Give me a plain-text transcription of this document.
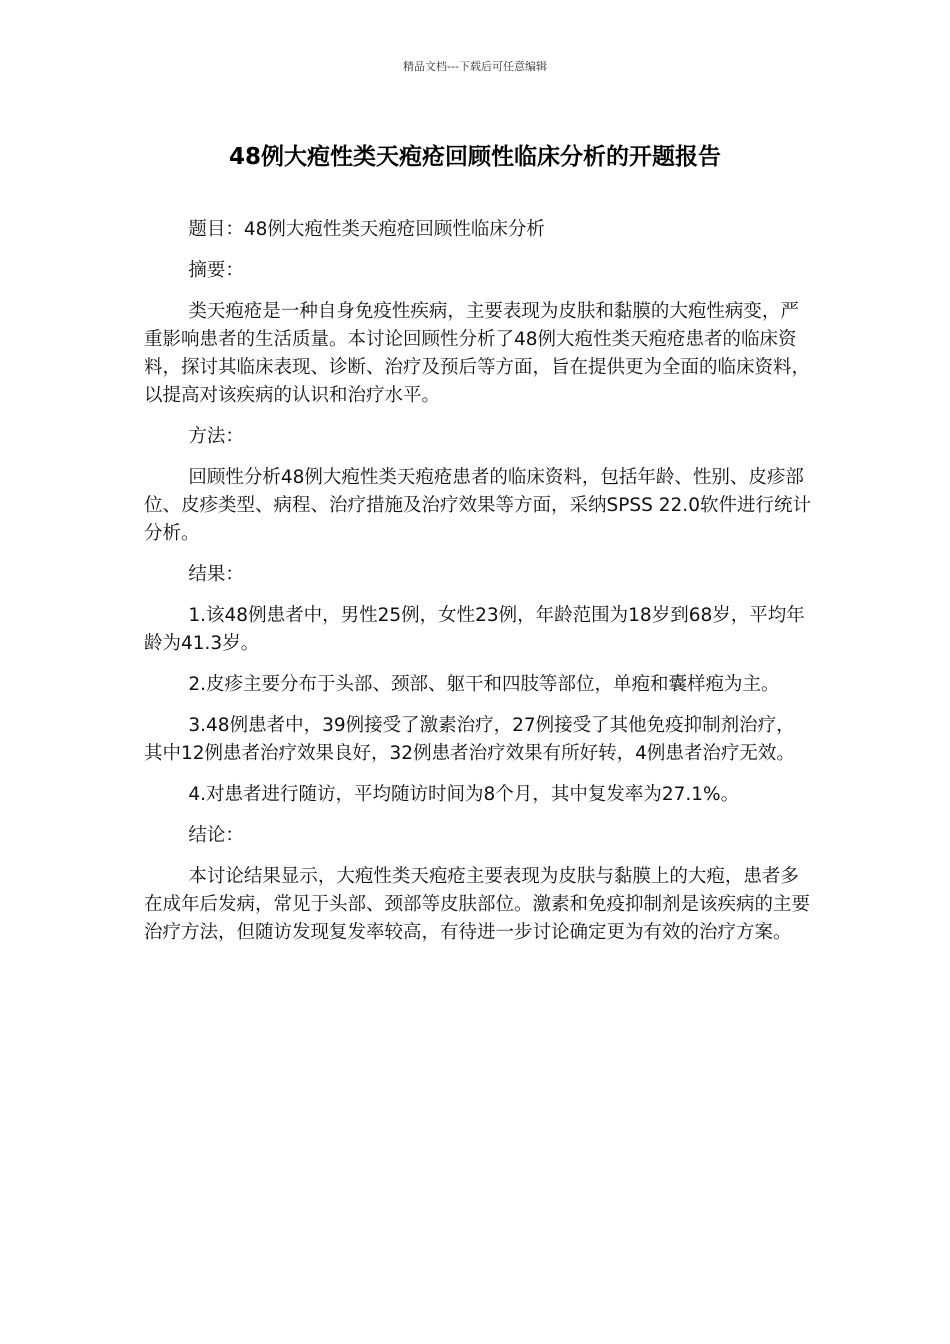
精品文档---下载后可任意编辑
48例大疱性类天疱疮回顾性临床分析的开题报告

题目：48例大疱性类天疱疮回顾性临床分析

摘要：

类天疱疮是一种自身免疫性疾病，主要表现为皮肤和黏膜的大疱性病变，严重影响患者的生活质量。本讨论回顾性分析了48例大疱性类天疱疮患者的临床资料，探讨其临床表现、诊断、治疗及预后等方面，旨在提供更为全面的临床资料，以提高对该疾病的认识和治疗水平。

方法：

回顾性分析48例大疱性类天疱疮患者的临床资料，包括年龄、性别、皮疹部位、皮疹类型、病程、治疗措施及治疗效果等方面，采纳SPSS 22.0软件进行统计分析。

结果：

1.该48例患者中，男性25例，女性23例，年龄范围为18岁到68岁，平均年龄为41.3岁。

2.皮疹主要分布于头部、颈部、躯干和四肢等部位，单疱和囊样疱为主。

3.48例患者中，39例接受了激素治疗，27例接受了其他免疫抑制剂治疗，其中12例患者治疗效果良好，32例患者治疗效果有所好转，4例患者治疗无效。

4.对患者进行随访，平均随访时间为8个月，其中复发率为27.1%。

结论：

本讨论结果显示，大疱性类天疱疮主要表现为皮肤与黏膜上的大疱，患者多在成年后发病，常见于头部、颈部等皮肤部位。激素和免疫抑制剂是该疾病的主要治疗方法，但随访发现复发率较高，有待进一步讨论确定更为有效的治疗方案。
